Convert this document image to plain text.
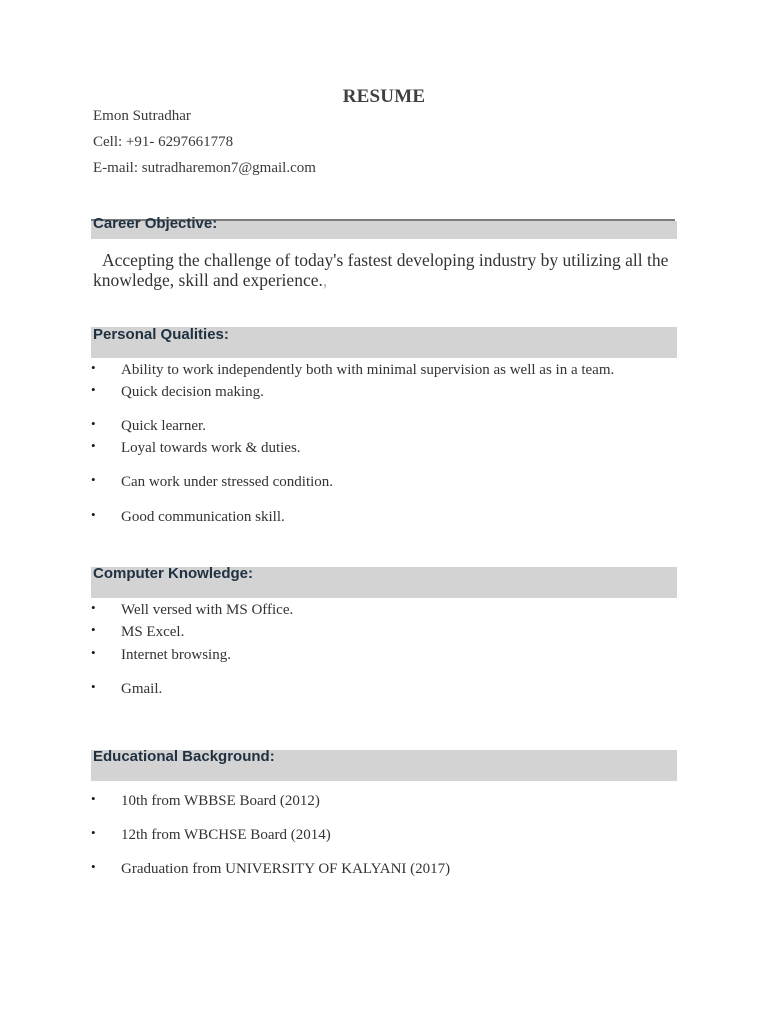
RESUME
Emon Sutradhar
Cell: +91- 6297661778
E-mail: sutradharemon7@gmail.com
Career Objective:
Accepting the challenge of today's fastest developing industry by utilizing all the knowledge, skill and experience.,
Personal Qualities:
• Ability to work independently both with minimal supervision as well as in a team.
• Quick decision making.
• Quick learner.
• Loyal towards work & duties.
• Can work under stressed condition.
• Good communication skill.
Computer Knowledge:
• Well versed with MS Office.
• MS Excel.
• Internet browsing.
• Gmail.
Educational Background:
• 10th from WBBSE Board (2012)
• 12th from WBCHSE Board (2014)
• Graduation from UNIVERSITY OF KALYANI (2017)
